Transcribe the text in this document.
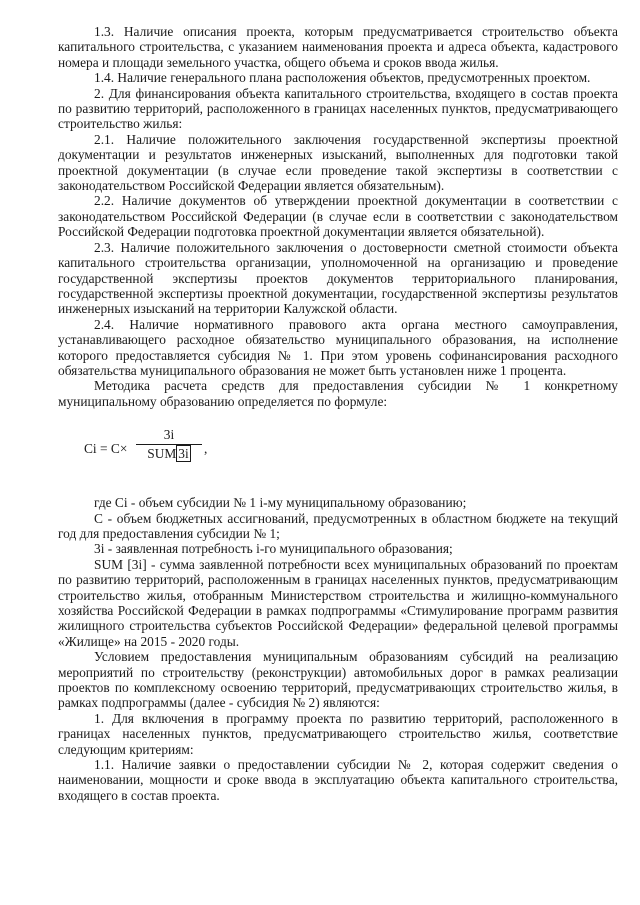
1.3. Наличие описания проекта, которым предусматривается строительство объекта капитального строительства, с указанием наименования проекта и адреса объекта, кадастрового номера и площади земельного участка, общего объема и сроков ввода жилья.

1.4. Наличие генерального плана расположения объектов, предусмотренных проектом.

2. Для финансирования объекта капитального строительства, входящего в состав проекта по развитию территорий, расположенного в границах населенных пунктов, предусматривающего строительство жилья:

2.1. Наличие положительного заключения государственной экспертизы проектной документации и результатов инженерных изысканий, выполненных для подготовки такой проектной документации (в случае если проведение такой экспертизы в соответствии с законодательством Российской Федерации является обязательным).

2.2. Наличие документов об утверждении проектной документации в соответствии с законодательством Российской Федерации (в случае если в соответствии с законодательством Российской Федерации подготовка проектной документации является обязательной).

2.3. Наличие положительного заключения о достоверности сметной стоимости объекта капитального строительства организации, уполномоченной на организацию и проведение государственной экспертизы проектов документов территориального планирования, государственной экспертизы проектной документации, государственной экспертизы результатов инженерных изысканий на территории Калужской области.

2.4. Наличие нормативного правового акта органа местного самоуправления, устанавливающего расходное обязательство муниципального образования, на исполнение которого предоставляется субсидия № 1. При этом уровень софинансирования расходного обязательства муниципального образования не может быть установлен ниже 1 процента.

Методика расчета средств для предоставления субсидии № 1 конкретному муниципальному образованию определяется по формуле:

Ci = C×
3i
SUM 3i	,

где Ci - объем субсидии № 1 i-му муниципальному образованию;

С - объем бюджетных ассигнований, предусмотренных в областном бюджете на текущий год для предоставления субсидии № 1;

3i - заявленная потребность i-го муниципального образования;

SUM [3i] - сумма заявленной потребности всех муниципальных образований по проектам по развитию территорий, расположенным в границах населенных пунктов, предусматривающим строительство жилья, отобранным Министерством строительства и жилищно-коммунального хозяйства Российской Федерации в рамках подпрограммы «Стимулирование программ развития жилищного строительства субъектов Российской Федерации» федеральной целевой программы «Жилище» на 2015 - 2020 годы.

Условием предоставления муниципальным образованиям субсидий на реализацию мероприятий по строительству (реконструкции) автомобильных дорог в рамках реализации проектов по комплексному освоению территорий, предусматривающих строительство жилья, в рамках подпрограммы (далее - субсидия № 2) являются:

1. Для включения в программу проекта по развитию территорий, расположенного в границах населенных пунктов, предусматривающего строительство жилья, соответствие следующим критериям:

1.1. Наличие заявки о предоставлении субсидии № 2, которая содержит сведения о наименовании, мощности и сроке ввода в эксплуатацию объекта капитального строительства, входящего в состав проекта.
